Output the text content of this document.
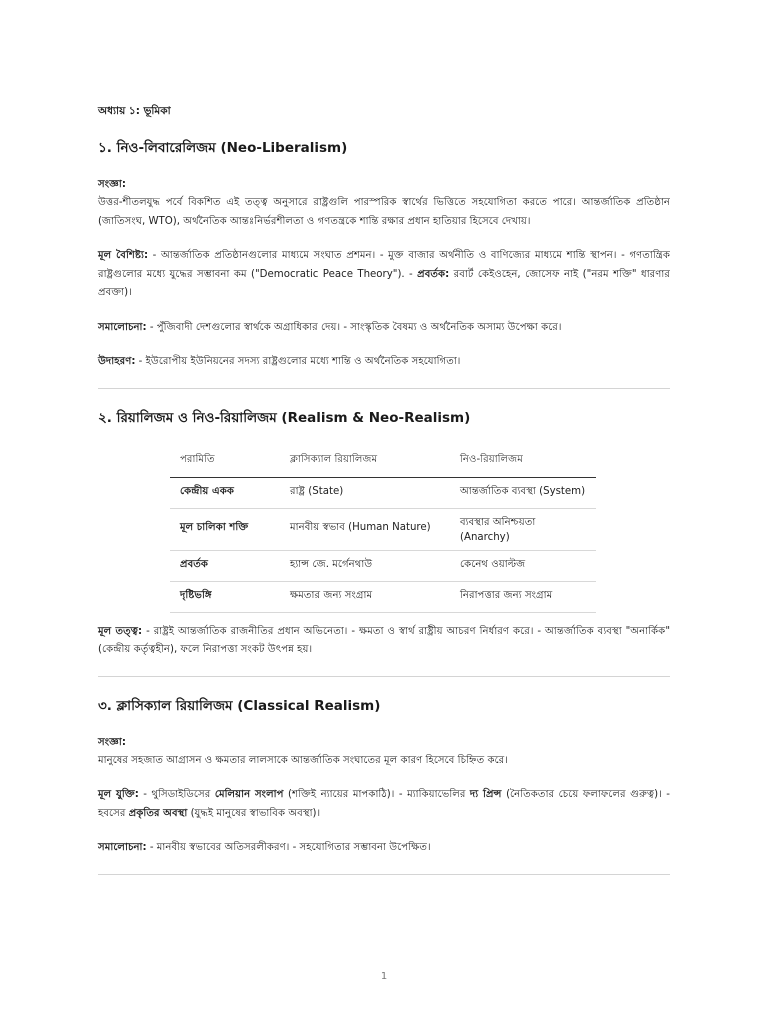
অধ্যায় ১: ভূমিকা
১. নিও-লিবারেলিজম (Neo-Liberalism)
সংজ্ঞা:

উত্তর-শীতলযুদ্ধ পর্বে বিকশিত এই তত্ত্ব অনুসারে রাষ্ট্রগুলি পারস্পরিক স্বার্থের ভিত্তিতে সহযোগিতা করতে পারে। আন্তর্জাতিক প্রতিষ্ঠান (জাতিসংঘ, WTO), অর্থনৈতিক আন্তঃনির্ভরশীলতা ও গণতন্ত্রকে শান্তি রক্ষার প্রধান হাতিয়ার হিসেবে দেখায়।

মূল বৈশিষ্ট্য: - আন্তর্জাতিক প্রতিষ্ঠানগুলোর মাধ্যমে সংঘাত প্রশমন। - মুক্ত বাজার অর্থনীতি ও বাণিজ্যের মাধ্যমে শান্তি স্থাপন। - গণতান্ত্রিক রাষ্ট্রগুলোর মধ্যে যুদ্ধের সম্ভাবনা কম ("Democratic Peace Theory"). - প্রবর্তক: রবার্ট কেইওহেন, জোসেফ নাই ("নরম শক্তি" ধারণার প্রবক্তা)।

সমালোচনা: - পুঁজিবাদী দেশগুলোর স্বার্থকে অগ্রাধিকার দেয়। - সাংস্কৃতিক বৈষম্য ও অর্থনৈতিক অসাম্য উপেক্ষা করে।

উদাহরণ: - ইউরোপীয় ইউনিয়নের সদস্য রাষ্ট্রগুলোর মধ্যে শান্তি ও অর্থনৈতিক সহযোগিতা।

২. রিয়ালিজম ও নিও-রিয়ালিজম (Realism & Neo-Realism)
পরামিতি	ক্লাসিক্যাল রিয়ালিজম	নিও-রিয়ালিজম
কেন্দ্রীয় একক	রাষ্ট্র (State)	আন্তর্জাতিক ব্যবস্থা (System)
মূল চালিকা শক্তি	মানবীয় স্বভাব (Human Nature)	ব্যবস্থার অনিশ্চয়তা (Anarchy)
প্রবর্তক	হ্যান্স জে. মর্গেনথাউ	কেনেথ ওয়াল্টজ
দৃষ্টিভঙ্গি	ক্ষমতার জন্য সংগ্রাম	নিরাপত্তার জন্য সংগ্রাম

মূল তত্ত্ব: - রাষ্ট্রই আন্তর্জাতিক রাজনীতির প্রধান অভিনেতা। - ক্ষমতা ও স্বার্থ রাষ্ট্রীয় আচরণ নির্ধারণ করে। - আন্তর্জাতিক ব্যবস্থা "অনার্কিক" (কেন্দ্রীয় কর্তৃত্বহীন), ফলে নিরাপত্তা সংকট উৎপন্ন হয়।

৩. ক্লাসিক্যাল রিয়ালিজম (Classical Realism)
সংজ্ঞা:

মানুষের সহজাত আগ্রাসন ও ক্ষমতার লালসাকে আন্তর্জাতিক সংঘাতের মূল কারণ হিসেবে চিহ্নিত করে।

মূল যুক্তি: - থুসিডাইডিসের মেলিয়ান সংলাপ (শক্তিই ন্যায়ের মাপকাঠি)। - ম্যাকিয়াভেলির দ্য প্রিন্স (নৈতিকতার চেয়ে ফলাফলের গুরুত্ব)। - হবসের প্রকৃতির অবস্থা (যুদ্ধই মানুষের স্বাভাবিক অবস্থা)।

সমালোচনা: - মানবীয় স্বভাবের অতিসরলীকরণ। - সহযোগিতার সম্ভাবনা উপেক্ষিত।

1
